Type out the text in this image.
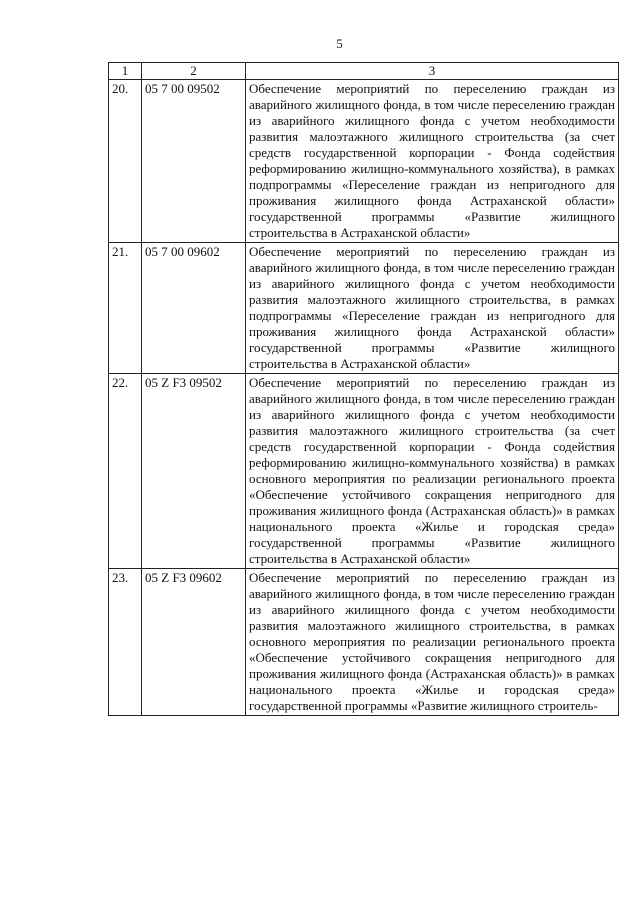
5
1	2	3
20.	05 7 00 09502	Обеспечение мероприятий по переселению граждан из аварийного жилищного фонда, в том числе переселению граждан из аварийного жилищного фонда с учетом необходимости развития малоэтажного жилищного строительства (за счет средств государственной корпорации - Фонда содействия реформированию жилищно-коммунального хозяйства), в рамках подпрограммы «Переселение граждан из непригодного для проживания жилищного фонда Астраханской области» государственной программы «Развитие жилищного строительства в Астраханской области»
21.	05 7 00 09602	Обеспечение мероприятий по переселению граждан из аварийного жилищного фонда, в том числе переселению граждан из аварийного жилищного фонда с учетом необходимости развития малоэтажного жилищного строительства, в рамках подпрограммы «Переселение граждан из непригодного для проживания жилищного фонда Астраханской области» государственной программы «Развитие жилищного строительства в Астраханской области»
22.	05 Z F3 09502	Обеспечение мероприятий по переселению граждан из аварийного жилищного фонда, в том числе переселению граждан из аварийного жилищного фонда с учетом необходимости развития малоэтажного жилищного строительства (за счет средств государственной корпорации - Фонда содействия реформированию жилищно-коммунального хозяйства) в рамках основного мероприятия по реализации регионального проекта «Обеспечение устойчивого сокращения непригодного для проживания жилищного фонда (Астраханская область)» в рамках национального проекта «Жилье и городская среда» государственной программы «Развитие жилищного строительства в Астраханской области»
23.	05 Z F3 09602	Обеспечение мероприятий по переселению граждан из аварийного жилищного фонда, в том числе переселению граждан из аварийного жилищного фонда с учетом необходимости развития малоэтажного жилищного строительства, в рамках основного мероприятия по реализации регионального проекта «Обеспечение устойчивого сокращения непригодного для проживания жилищного фонда (Астраханская область)» в рамках национального проекта «Жилье и городская среда» государственной программы «Развитие жилищного строитель-
